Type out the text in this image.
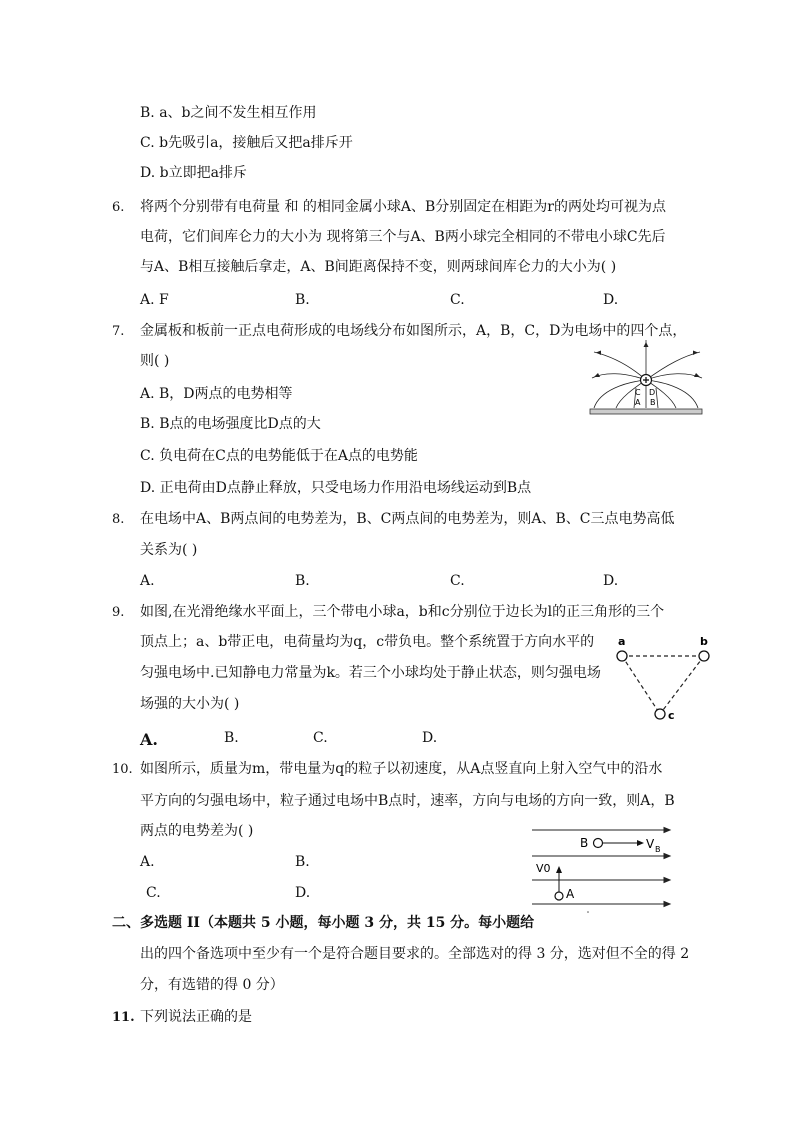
B. a、b之间不发生相互作用
C. b先吸引a，接触后又把a排斥开
D. b立即把a排斥
6. 将两个分别带有电荷量 和 的相同金属小球A、B分别固定在相距为r的两处均可视为点
电荷，它们间库仑力的大小为 现将第三个与A、B两小球完全相同的不带电小球C先后
与A、B相互接触后拿走，A、B间距离保持不变，则两球间库仑力的大小为( )
A. F	B.	C.	D.
7. 金属板和板前一正点电荷形成的电场线分布如图所示，A，B，C，D为电场中的四个点，
则( )
A. B，D两点的电势相等
B. B点的电场强度比D点的大
C. 负电荷在C点的电势能低于在A点的电势能
D. 正电荷由D点静止释放，只受电场力作用沿电场线运动到B点
C D
A B
8. 在电场中A、B两点间的电势差为，B、C两点间的电势差为，则A、B、C三点电势高低
关系为( )
A.	B.	C.	D.
9. 如图,在光滑绝缘水平面上，三个带电小球a，b和c分别位于边长为l的正三角形的三个
顶点上；a、b带正电，电荷量均为q，c带负电。整个系统置于方向水平的
匀强电场中.已知静电力常量为k。若三个小球均处于静止状态，则匀强电场
场强的大小为( )
A.	B.	C.	D.
a	b
c
10. 如图所示，质量为m，带电量为q的粒子以初速度，从A点竖直向上射入空气中的沿水
平方向的匀强电场中，粒子通过电场中B点时，速率，方向与电场的方向一致，则A，B
两点的电势差为( )
A.	B.
C.	D.
B	V B
V0
A
二、多选题 II（本题共 5 小题，每小题 3 分，共 15 分。每小题给
出的四个备选项中至少有一个是符合题目要求的。全部选对的得 3 分，选对但不全的得 2
分，有选错的得 0 分）
11. 下列说法正确的是
